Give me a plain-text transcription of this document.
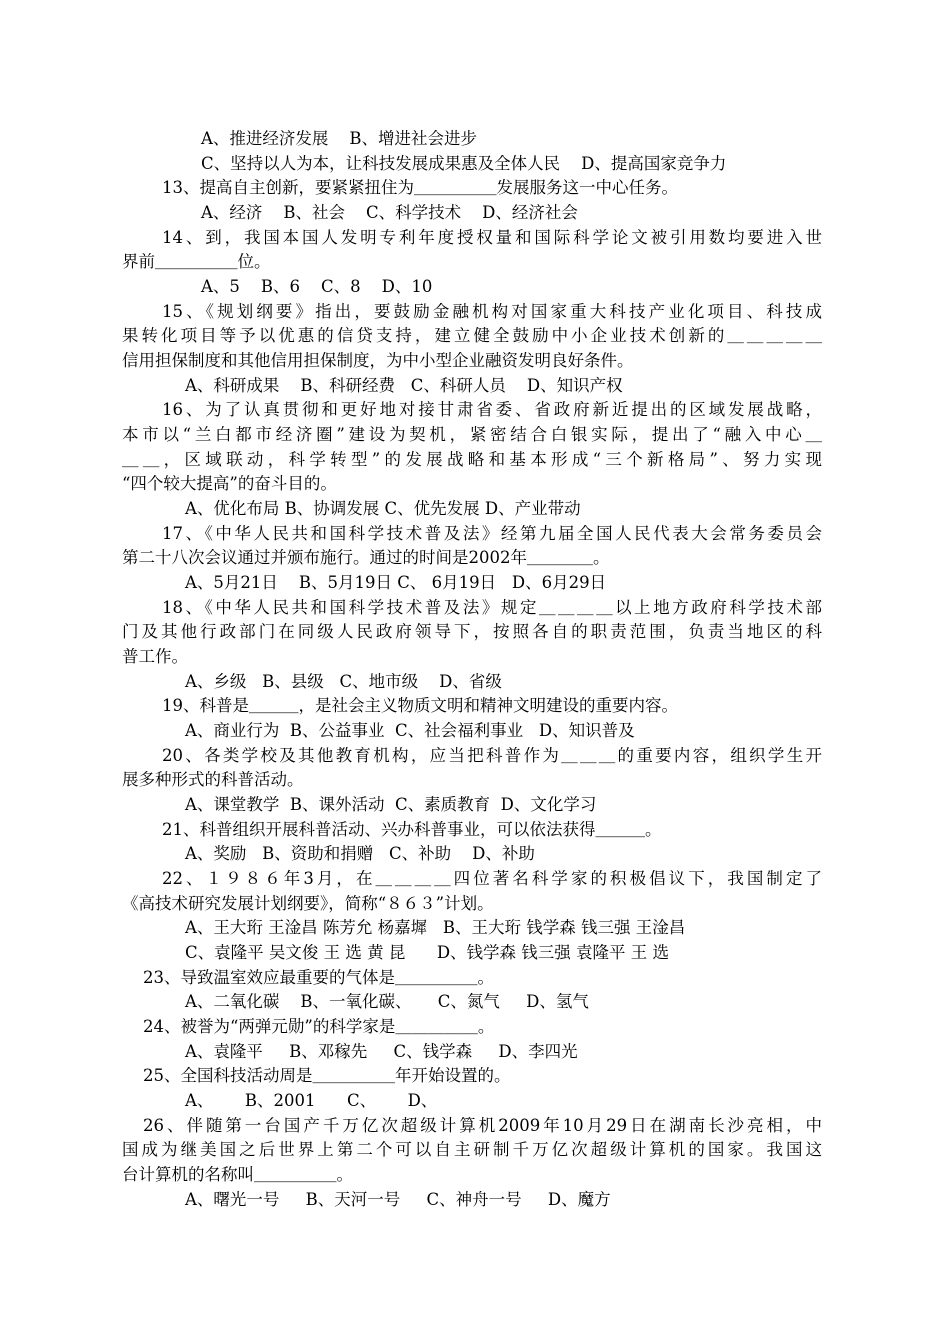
A、推进经济发展    B、增进社会进步
C、坚持以人为本，让科技发展成果惠及全体人民    D、提高国家竞争力
13、提高自主创新，要紧紧扭住为＿＿＿＿＿发展服务这一中心任务。
A、经济    B、社会    C、科学技术    D、经济社会
14、到，我国本国人发明专利年度授权量和国际科学论文被引用数均要进入世
界前＿＿＿＿＿位。
A、5    B、6    C、8    D、10
15、《规划纲要》指出，要鼓励金融机构对国家重大科技产业化项目、科技成
果转化项目等予以优惠的信贷支持，建立健全鼓励中小企业技术创新的＿＿＿＿＿
信用担保制度和其他信用担保制度，为中小型企业融资发明良好条件。
A、科研成果    B、科研经费   C、科研人员    D、知识产权
16、为了认真贯彻和更好地对接甘肃省委、省政府新近提出的区域发展战略，
本市以“兰白都市经济圈”建设为契机，紧密结合白银实际，提出了“融入中心＿
＿＿，区域联动，科学转型”的发展战略和基本形成“三个新格局”、努力实现
“四个较大提高”的奋斗目的。
A、优化布局 B、协调发展 C、优先发展 D、产业带动
17、《中华人民共和国科学技术普及法》经第九届全国人民代表大会常务委员会
第二十八次会议通过并颁布施行。通过的时间是2002年＿＿＿＿。
A、5月21日    B、5月19日 C、 6月19日   D、6月29日
18、《中华人民共和国科学技术普及法》规定＿＿＿＿以上地方政府科学技术部
门及其他行政部门在同级人民政府领导下，按照各自的职责范围，负责当地区的科
普工作。
A、乡级   B、县级   C、地市级    D、省级
19、科普是＿＿＿，是社会主义物质文明和精神文明建设的重要内容。
A、商业行为  B、公益事业  C、社会福利事业   D、知识普及
20、各类学校及其他教育机构，应当把科普作为＿＿＿的重要内容，组织学生开
展多种形式的科普活动。
A、课堂教学  B、课外活动  C、素质教育  D、文化学习
21、科普组织开展科普活动、兴办科普事业，可以依法获得＿＿＿。
A、奖励   B、资助和捐赠   C、补助    D、补助
22、１９８６年3月，在＿＿＿＿四位著名科学家的积极倡议下，我国制定了
《高技术研究发展计划纲要》，简称“８６３”计划。
A、王大珩 王淦昌 陈芳允 杨嘉墀   B、王大珩 钱学森 钱三强 王淦昌
C、袁隆平 吴文俊 王 选 黄 昆      D、钱学森 钱三强 袁隆平 王 选
23、导致温室效应最重要的气体是＿＿＿＿＿。
A、二氧化碳    B、一氧化碳、     C、氮气     D、氢气
24、被誉为“两弹元勋”的科学家是＿＿＿＿＿。
A、袁隆平     B、邓稼先     C、钱学森     D、李四光
25、全国科技活动周是＿＿＿＿＿年开始设置的。
A、      B、2001      C、      D、
26、伴随第一台国产千万亿次超级计算机2009年10月29日在湖南长沙亮相，中
国成为继美国之后世界上第二个可以自主研制千万亿次超级计算机的国家。我国这
台计算机的名称叫＿＿＿＿＿。
A、曙光一号     B、天河一号     C、神舟一号     D、魔方
